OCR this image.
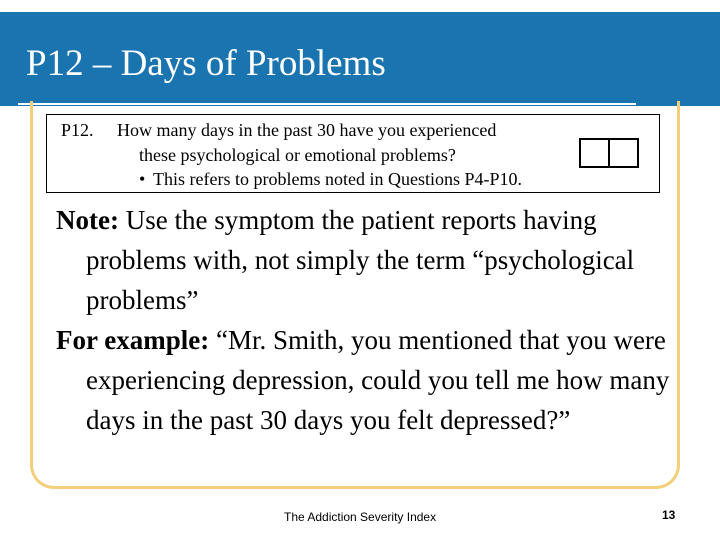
P12 – Days of Problems
P12. How many days in the past 30 have you experienced
these psychological or emotional problems?
• This refers to problems noted in Questions P4-P10.

Note: Use the symptom the patient reports having problems with, not simply the term “psychological problems”

For example: “Mr. Smith, you mentioned that you were experiencing depression, could you tell me how many days in the past 30 days you felt depressed?”

The Addiction Severity Index	13
